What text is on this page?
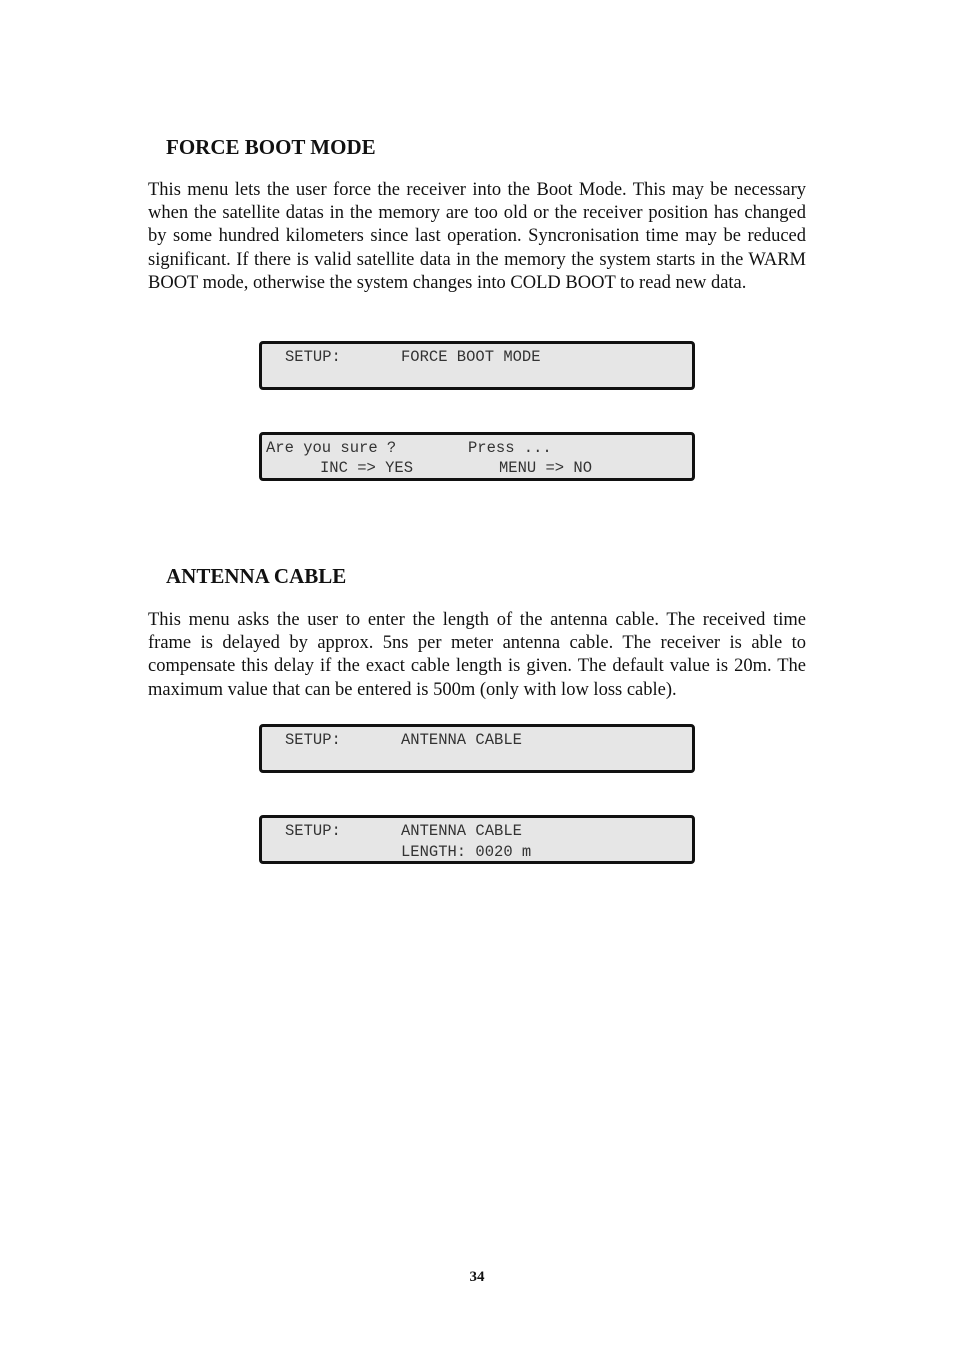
FORCE BOOT MODE

This menu lets the user force the receiver into the Boot Mode. This may be necessary when the satellite datas in the memory are too old or the receiver position has changed by some hundred kilometers since last operation. Syncronisation time may be reduced significant. If there is valid satellite data in the memory the system starts in the WARM BOOT mode, otherwise the system changes into COLD BOOT to read new data.

SETUP:	FORCE BOOT MODE
Are you sure ?	Press ...
INC => YES	MENU => NO
ANTENNA CABLE

This menu asks the user to enter the length of the antenna cable. The received time frame is delayed by approx. 5ns per meter antenna cable. The receiver is able to compensate this delay if the exact cable length is given. The default value is 20m. The maximum value that can be entered is 500m (only with low loss cable).

SETUP:	ANTENNA CABLE
SETUP:	ANTENNA CABLE
LENGTH: 0020 m
34
